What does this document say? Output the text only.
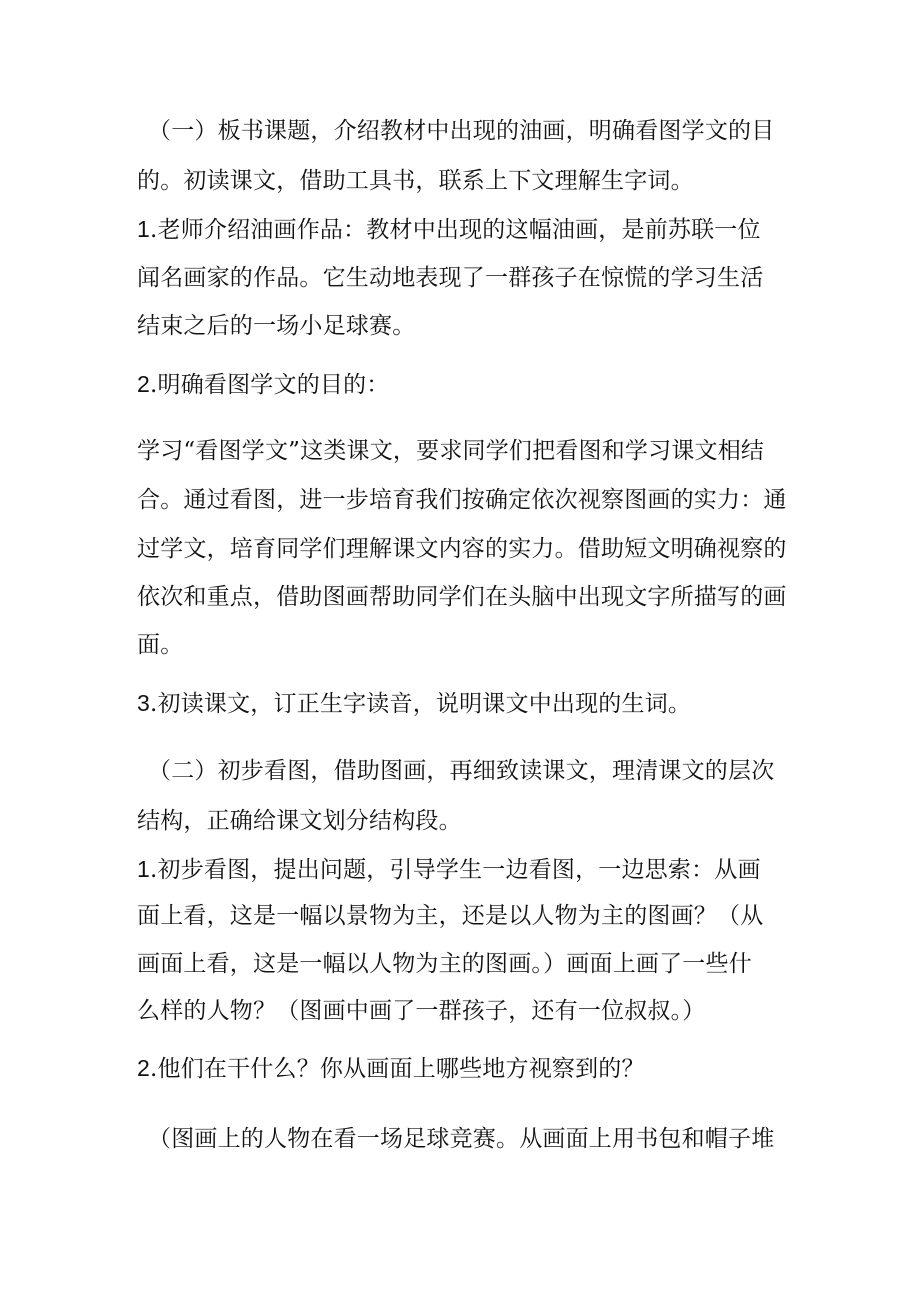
（一）板书课题，介绍教材中出现的油画，明确看图学文的目
的。初读课文，借助工具书，联系上下文理解生字词。
1.老师介绍油画作品：教材中出现的这幅油画，是前苏联一位
闻名画家的作品。它生动地表现了一群孩子在惊慌的学习生活
结束之后的一场小足球赛。
2.明确看图学文的目的：
学习“看图学文”这类课文，要求同学们把看图和学习课文相结
合。通过看图，进一步培育我们按确定依次视察图画的实力：通
过学文，培育同学们理解课文内容的实力。借助短文明确视察的
依次和重点，借助图画帮助同学们在头脑中出现文字所描写的画
面。
3.初读课文，订正生字读音，说明课文中出现的生词。
（二）初步看图，借助图画，再细致读课文，理清课文的层次
结构，正确给课文划分结构段。
1.初步看图，提出问题，引导学生一边看图，一边思索：从画
面上看，这是一幅以景物为主，还是以人物为主的图画？（从
画面上看，这是一幅以人物为主的图画。）画面上画了一些什
么样的人物？（图画中画了一群孩子，还有一位叔叔。）
2.他们在干什么？你从画面上哪些地方视察到的？
（图画上的人物在看一场足球竞赛。从画面上用书包和帽子堆
